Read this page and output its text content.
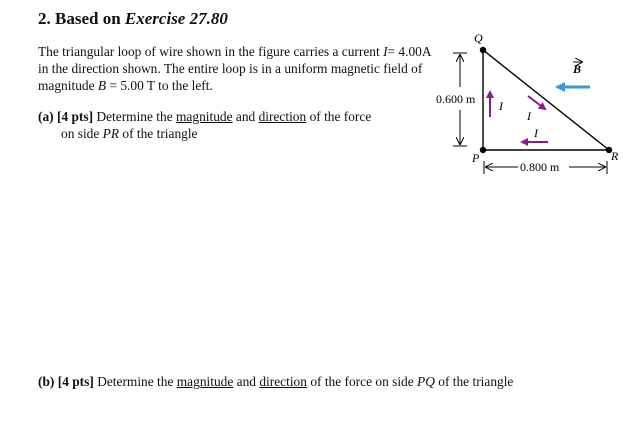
2. Based on Exercise 27.80
The triangular loop of wire shown in the figure carries a current I= 4.00A in the direction shown. The entire loop is in a uniform magnetic field of magnitude B = 5.00 T to the left.
(a) [4 pts] Determine the magnitude and direction of the force
on side PR of the triangle
(b) [4 pts] Determine the magnitude and direction of the force on side PQ of the triangle
Q
P	R
0.600 m
0.800 m
B
I
I
I
